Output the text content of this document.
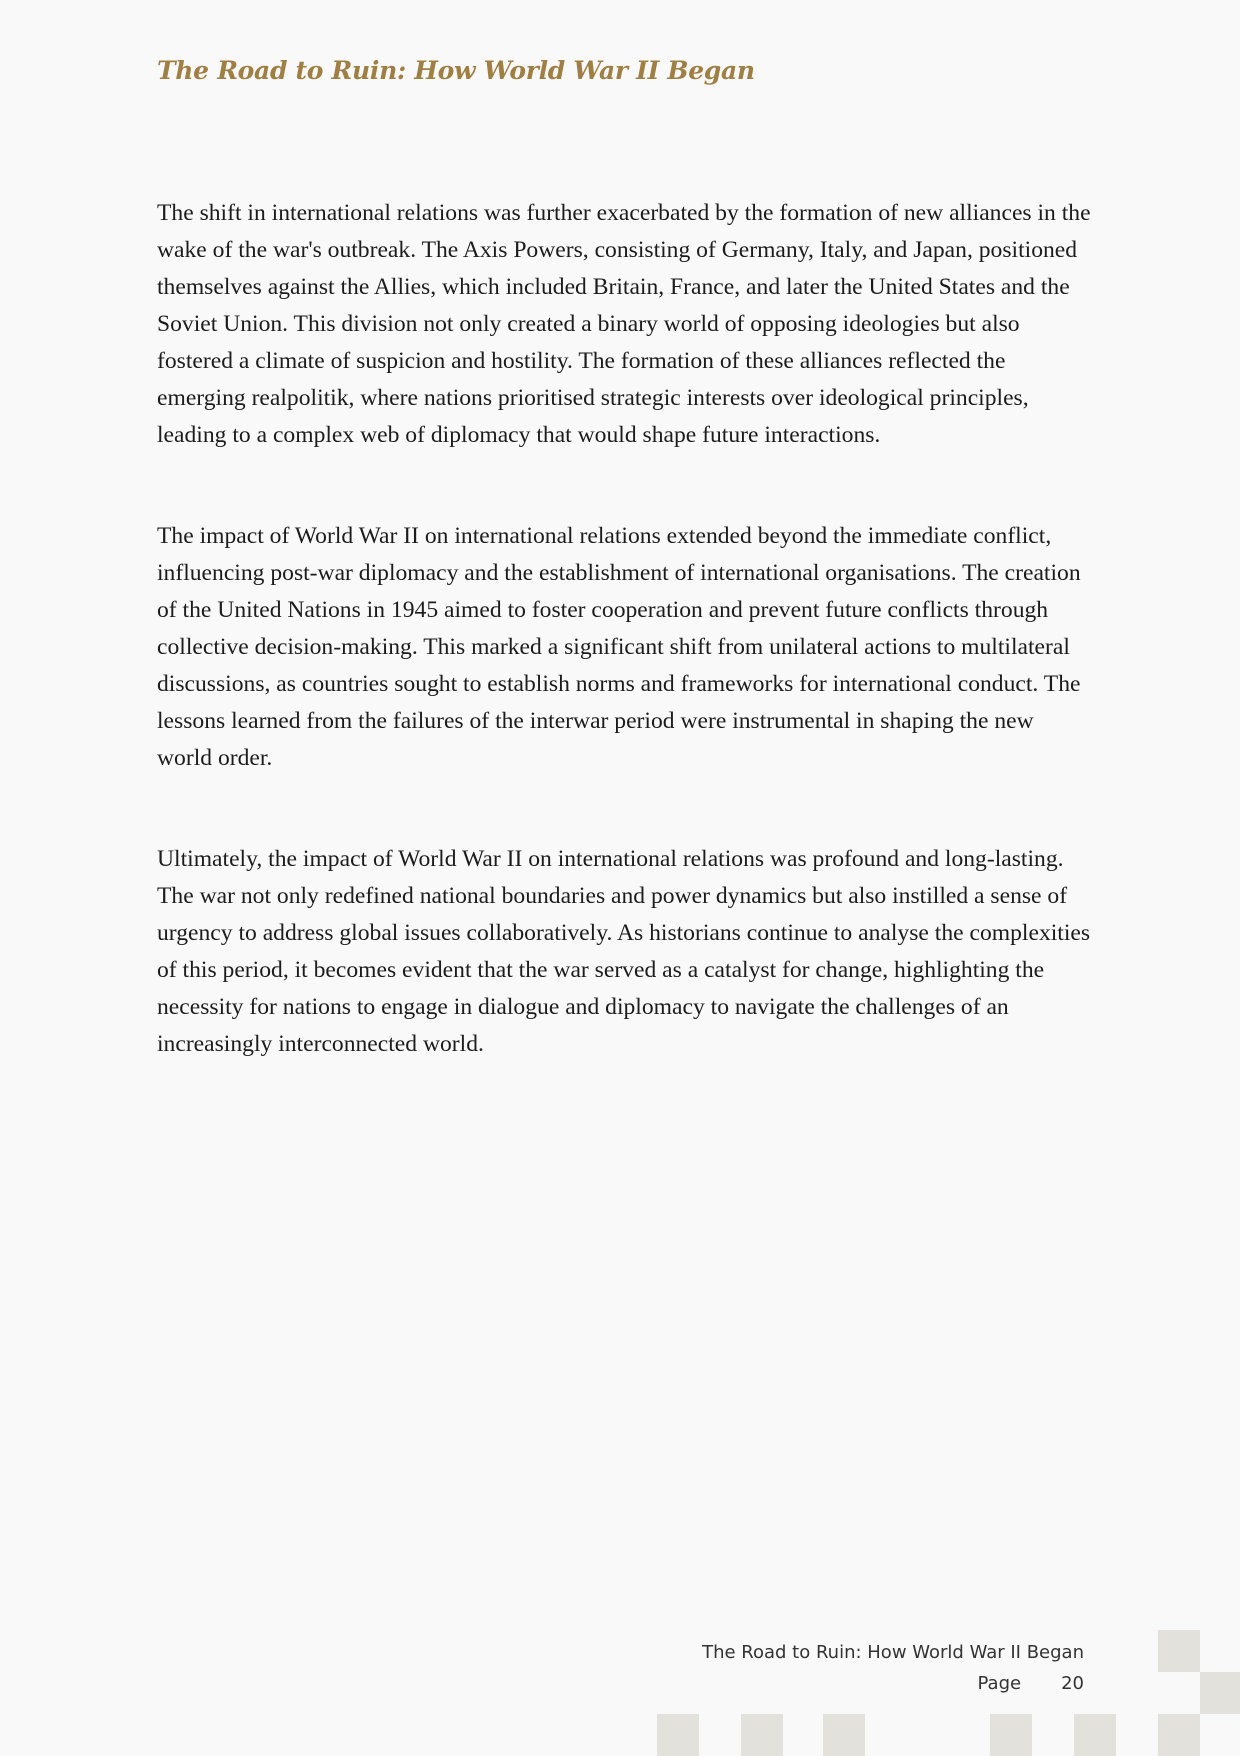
The Road to Ruin: How World War II Began

The shift in international relations was further exacerbated by the formation of new alliances in the wake of the war's outbreak. The Axis Powers, consisting of Germany, Italy, and Japan, positioned themselves against the Allies, which included Britain, France, and later the United States and the Soviet Union. This division not only created a binary world of opposing ideologies but also fostered a climate of suspicion and hostility. The formation of these alliances reflected the emerging realpolitik, where nations prioritised strategic interests over ideological principles, leading to a complex web of diplomacy that would shape future interactions.

The impact of World War II on international relations extended beyond the immediate conflict, influencing post-war diplomacy and the establishment of international organisations. The creation of the United Nations in 1945 aimed to foster cooperation and prevent future conflicts through collective decision-making. This marked a significant shift from unilateral actions to multilateral discussions, as countries sought to establish norms and frameworks for international conduct. The lessons learned from the failures of the interwar period were instrumental in shaping the new world order.

Ultimately, the impact of World War II on international relations was profound and long-lasting. The war not only redefined national boundaries and power dynamics but also instilled a sense of urgency to address global issues collaboratively. As historians continue to analyse the complexities of this period, it becomes evident that the war served as a catalyst for change, highlighting the necessity for nations to engage in dialogue and diplomacy to navigate the challenges of an increasingly interconnected world.

The Road to Ruin: How World War II Began
Page 20
